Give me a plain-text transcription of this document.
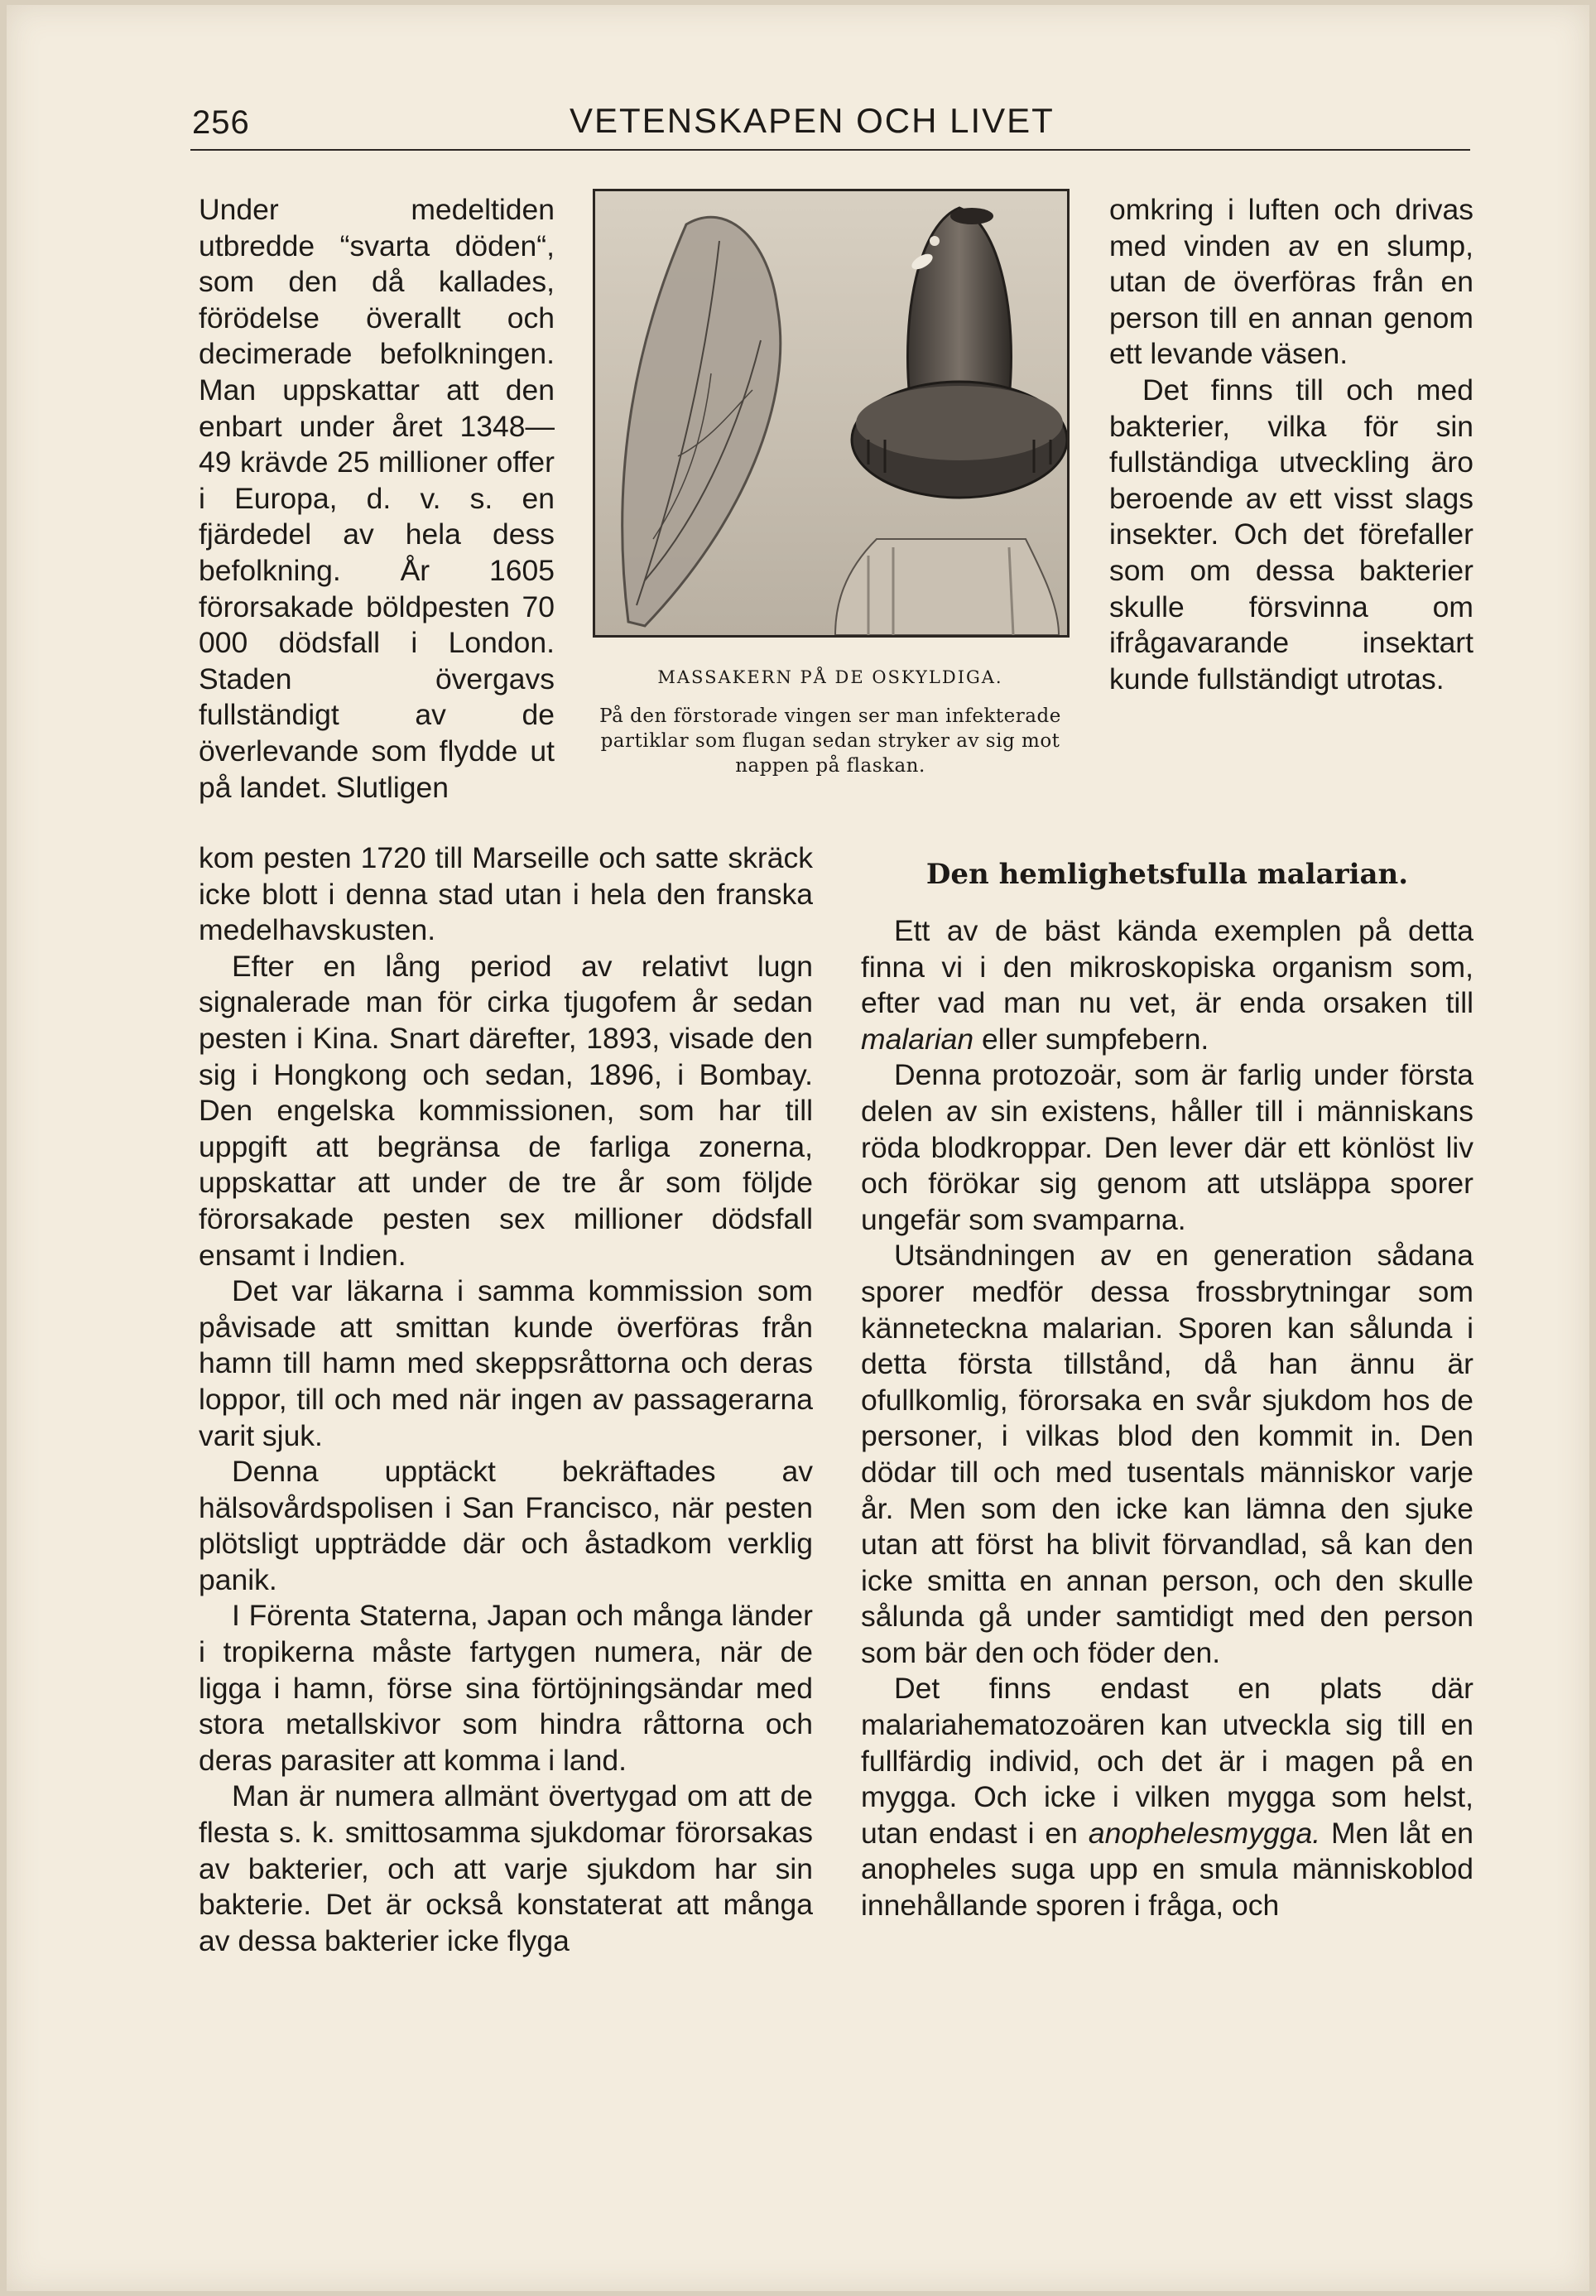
256	VETENSKAPEN OCH LIVET

Under medeltiden utbredde “svarta döden“, som den då kallades, förödelse överallt och decimerade befolkningen. Man uppskattar att den enbart under året 1348—49 krävde 25 millioner offer i Europa, d. v. s. en fjärdedel av hela dess befolkning. År 1605 förorsakade böldpesten 70 000 dödsfall i London. Staden övergavs fullständigt av de överlevande som flydde ut på landet. Slutligen

MASSAKERN PÅ DE OSKYLDIGA.
På den förstorade vingen ser man infekterade partiklar som flugan sedan stryker av sig mot nappen på flaskan.

omkring i luften och drivas med vinden av en slump, utan de överföras från en person till en annan genom ett levande väsen.

Det finns till och med bakterier, vilka för sin fullständiga utveckling äro beroende av ett visst slags insekter. Och det förefaller som om dessa bakterier skulle försvinna om ifrågavarande insektart kunde fullständigt utrotas.

kom pesten 1720 till Marseille och satte skräck icke blott i denna stad utan i hela den franska medelhavskusten.

Efter en lång period av relativt lugn signalerade man för cirka tjugofem år sedan pesten i Kina. Snart därefter, 1893, visade den sig i Hongkong och sedan, 1896, i Bombay. Den engelska kommissionen, som har till uppgift att begränsa de farliga zonerna, uppskattar att under de tre år som följde förorsakade pesten sex millioner dödsfall ensamt i Indien.

Det var läkarna i samma kommission som påvisade att smittan kunde överföras från hamn till hamn med skeppsråttorna och deras loppor, till och med när ingen av passagerarna varit sjuk.

Denna upptäckt bekräftades av hälsovårdspolisen i San Francisco, när pesten plötsligt uppträdde där och åstadkom verklig panik.

I Förenta Staterna, Japan och många länder i tropikerna måste fartygen numera, när de ligga i hamn, förse sina förtöjningsändar med stora metallskivor som hindra råttorna och deras parasiter att komma i land.

Man är numera allmänt övertygad om att de flesta s. k. smittosamma sjukdomar förorsakas av bakterier, och att varje sjukdom har sin bakterie. Det är också konstaterat att många av dessa bakterier icke flyga

Den hemlighetsfulla malarian.

Ett av de bäst kända exemplen på detta finna vi i den mikroskopiska organism som, efter vad man nu vet, är enda orsaken till malarian eller sumpfebern.

Denna protozoär, som är farlig under första delen av sin existens, håller till i människans röda blodkroppar. Den lever där ett könlöst liv och förökar sig genom att utsläppa sporer ungefär som svamparna.

Utsändningen av en generation sådana sporer medför dessa frossbrytningar som känneteckna malarian. Sporen kan sålunda i detta första tillstånd, då han ännu är ofullkomlig, förorsaka en svår sjukdom hos de personer, i vilkas blod den kommit in. Den dödar till och med tusentals människor varje år. Men som den icke kan lämna den sjuke utan att först ha blivit förvandlad, så kan den icke smitta en annan person, och den skulle sålunda gå under samtidigt med den person som bär den och föder den.

Det finns endast en plats där malariahematozoären kan utveckla sig till en fullfärdig individ, och det är i magen på en mygga. Och icke i vilken mygga som helst, utan endast i en anophelesmygga. Men låt en anopheles suga upp en smula människoblod innehållande sporen i fråga, och
